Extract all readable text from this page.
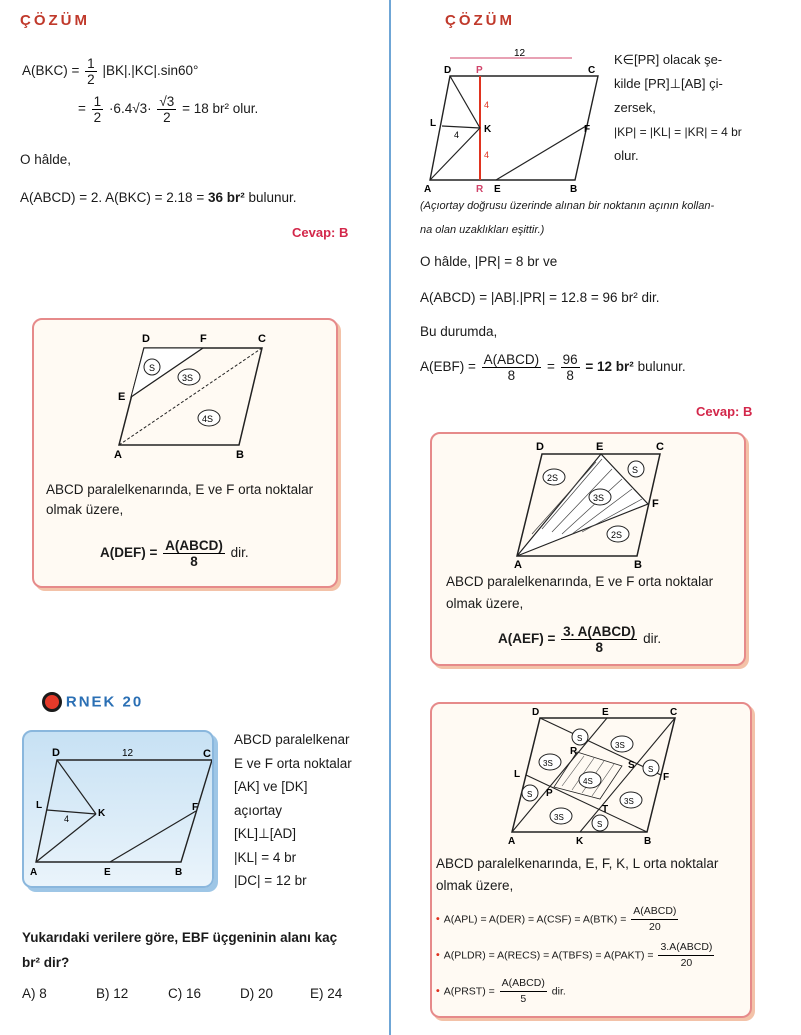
ÇÖZÜM
$A(BKC) = \frac{1}{2} |BK|.|KC|.\sin 60^\circ$
= $\frac{1}{2} \cdot 6.4√3\cdot \frac{√3}{2} = 18$ br² olur.
O hâlde,
A(ABCD) = 2. A(BKC) = 2.18 = 36 br² bulunur.
Cevap: B
D	F	C
E
A	B
S
3S
4S
ABCD paralelkenarında, E ve F orta noktalar
olmak üzere,
$A(DEF) = \frac{\text{A(ABCD)}}{8}$ dir.
RNEK 20
D	C
12
L
K
4
F
A	E	B
ABCD paralelkenar
E ve F orta noktalar
[AK] ve [DK]
açıortay
[KL]⊥[AD]
|KL| = 4 br
|DC| = 12 br
Yukarıdaki verilere göre, EBF üçgeninin alanı kaç
br² dir?
A) 8	B) 12	C) 16	D) 20	E) 24
ÇÖZÜM
12
D P	C
L
K	F
A	R E	B
4
4
4
K∈[PR] olacak şe-
kilde [PR]⊥[AB] çi-
zersek,
|KP| = |KL| = |KR| = 4 br
olur.
(Açıortay doğrusu üzerinde alınan bir noktanın açının kollan-
na olan uzaklıkları eşittir.)
O hâlde, |PR| = 8 br ve
A(ABCD) = |AB|.|PR| = 12.8 = 96 br² dir.
Bu durumda,
$A(EBF) = \frac{\text{A(ABCD)}}{8} = \frac{96}{8} = 12$ br² bulunur.
Cevap: B
D	E	C
F
A	B
2S
S
3S
2S
ABCD paralelkenarında, E ve F orta noktalar
olmak üzere,
$A(AEF) = \frac{\text{3. A(ABCD)}}{8}$ dir.
D	E	C
L
R
S
F
P
T
A	K	B
S
3S
3S
S
4S
S
3S
3S
S
ABCD paralelkenarında, E, F, K, L orta noktalar
olmak üzere,
• $A(APL) = A(DER) = A(CSF) = A(BTK) = \frac{\text{A(ABCD)}}{20}$
• A(PLDR) = A(RECS) = A(TBFS) = A(PAKT) = $\frac{\text{3.A(ABCD)}}{20}$
• A(PRST) = $\frac{\text{A(ABCD)}}{5}$ dir.
